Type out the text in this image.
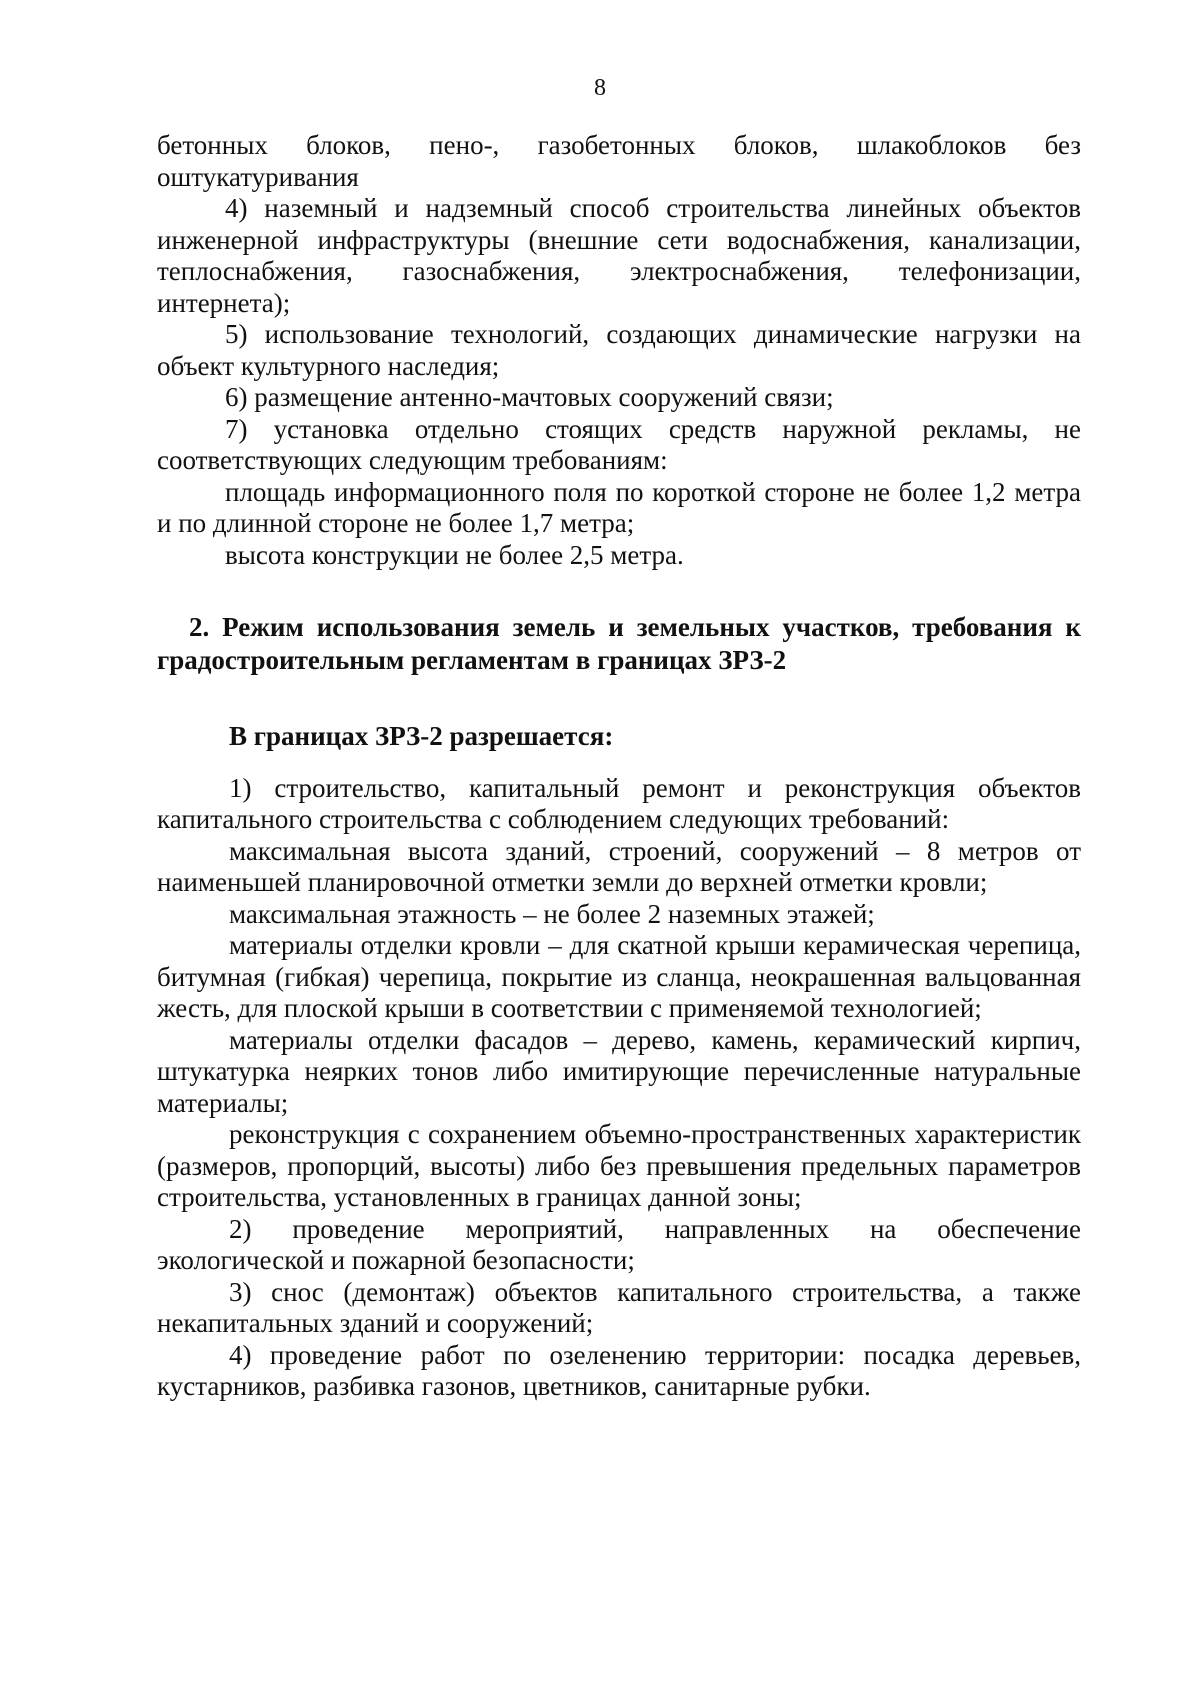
8

бетонных блоков, пено-, газобетонных блоков, шлакоблоков без оштукатуривания

4) наземный и надземный способ строительства линейных объектов инженерной инфраструктуры (внешние сети водоснабжения, канализации, теплоснабжения, газоснабжения, электроснабжения, телефонизации, интернета);

5) использование технологий, создающих динамические нагрузки на объект культурного наследия;

6) размещение антенно-мачтовых сооружений связи;

7) установка отдельно стоящих средств наружной рекламы, не соответствующих следующим требованиям:

площадь информационного поля по короткой стороне не более 1,2 метра и по длинной стороне не более 1,7 метра;

высота конструкции не более 2,5 метра.

2. Режим использования земель и земельных участков, требования к градостроительным регламентам в границах ЗРЗ-2

В границах ЗРЗ-2 разрешается:

1) строительство, капитальный ремонт и реконструкция объектов капитального строительства с соблюдением следующих требований:

максимальная высота зданий, строений, сооружений – 8 метров от наименьшей планировочной отметки земли до верхней отметки кровли;

максимальная этажность – не более 2 наземных этажей;

материалы отделки кровли – для скатной крыши керамическая черепица, битумная (гибкая) черепица, покрытие из сланца, неокрашенная вальцованная жесть, для плоской крыши в соответствии с применяемой технологией;

материалы отделки фасадов – дерево, камень, керамический кирпич, штукатурка неярких тонов либо имитирующие перечисленные натуральные материалы;

реконструкция с сохранением объемно-пространственных характеристик (размеров, пропорций, высоты) либо без превышения предельных параметров строительства, установленных в границах данной зоны;

2) проведение мероприятий, направленных на обеспечение экологической и пожарной безопасности;

3) снос (демонтаж) объектов капитального строительства, а также некапитальных зданий и сооружений;

4) проведение работ по озеленению территории: посадка деревьев, кустарников, разбивка газонов, цветников, санитарные рубки.
